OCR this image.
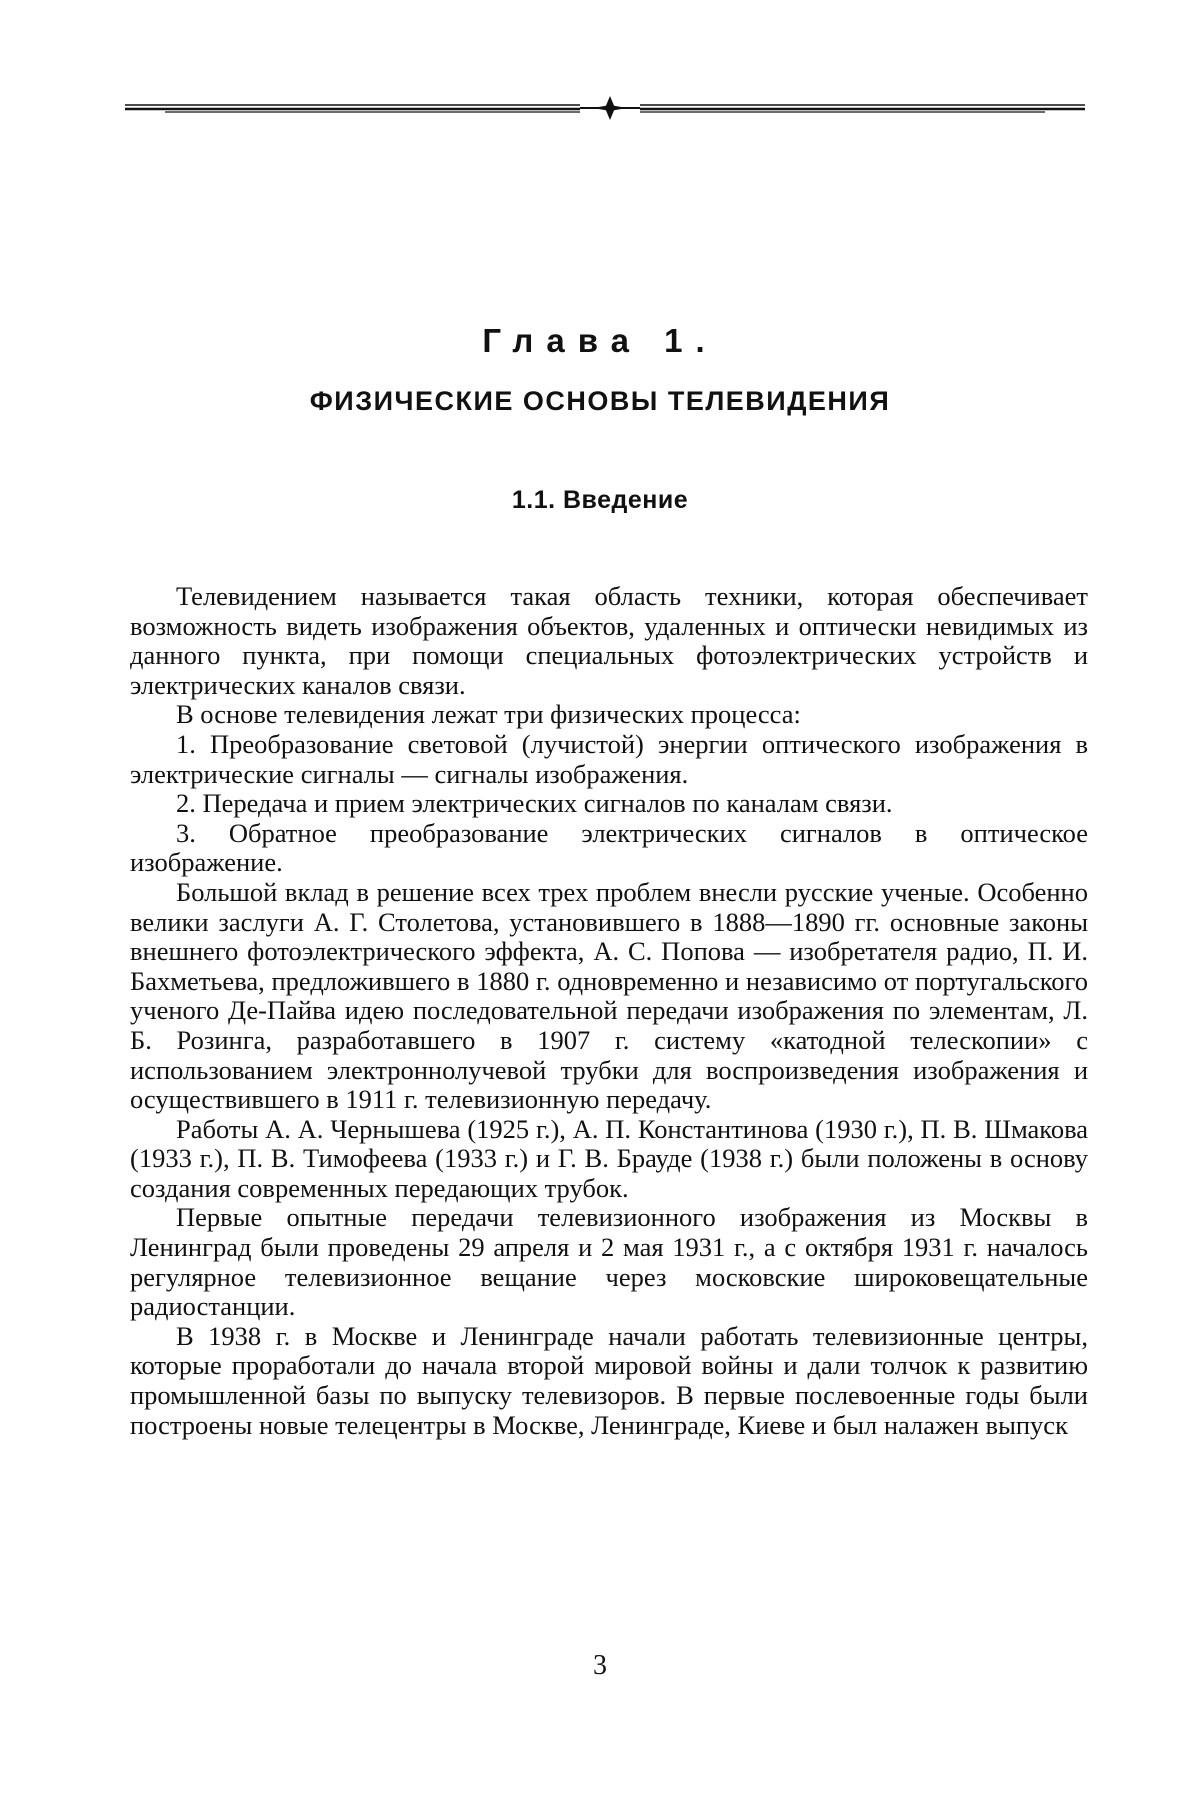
Глава 1.
ФИЗИЧЕСКИЕ ОСНОВЫ ТЕЛЕВИДЕНИЯ
1.1. Введение

Телевидением называется такая область техники, которая обеспечивает возможность видеть изображения объектов, удаленных и оптически невидимых из данного пункта, при помощи специальных фотоэлектрических устройств и электрических каналов связи.

В основе телевидения лежат три физических процесса:

1. Преобразование световой (лучистой) энергии оптического изображения в электрические сигналы — сигналы изображения.

2. Передача и прием электрических сигналов по каналам связи.

3. Обратное преобразование электрических сигналов в оптическое изображение.

Большой вклад в решение всех трех проблем внесли русские ученые. Особенно велики заслуги А. Г. Столетова, установившего в 1888—1890 гг. основные законы внешнего фотоэлектрического эффекта, А. С. Попова — изобретателя радио, П. И. Бахметьева, предложившего в 1880 г. одновременно и независимо от португальского ученого Де-Пайва идею последовательной передачи изображения по элементам, Л. Б. Розинга, разработавшего в 1907 г. систему «катодной телескопии» с использованием электроннолучевой трубки для воспроизведения изображения и осуществившего в 1911 г. телевизионную передачу.

Работы А. А. Чернышева (1925 г.), А. П. Константинова (1930 г.), П. В. Шмакова (1933 г.), П. В. Тимофеева (1933 г.) и Г. В. Брауде (1938 г.) были положены в основу создания современных передающих трубок.

Первые опытные передачи телевизионного изображения из Москвы в Ленинград были проведены 29 апреля и 2 мая 1931 г., а с октября 1931 г. началось регулярное телевизионное вещание через московские широковещательные радиостанции.

В 1938 г. в Москве и Ленинграде начали работать телевизионные центры, которые проработали до начала второй мировой войны и дали толчок к развитию промышленной базы по выпуску телевизоров. В первые послевоенные годы были построены новые телецентры в Москве, Ленинграде, Киеве и был налажен выпуск

3
